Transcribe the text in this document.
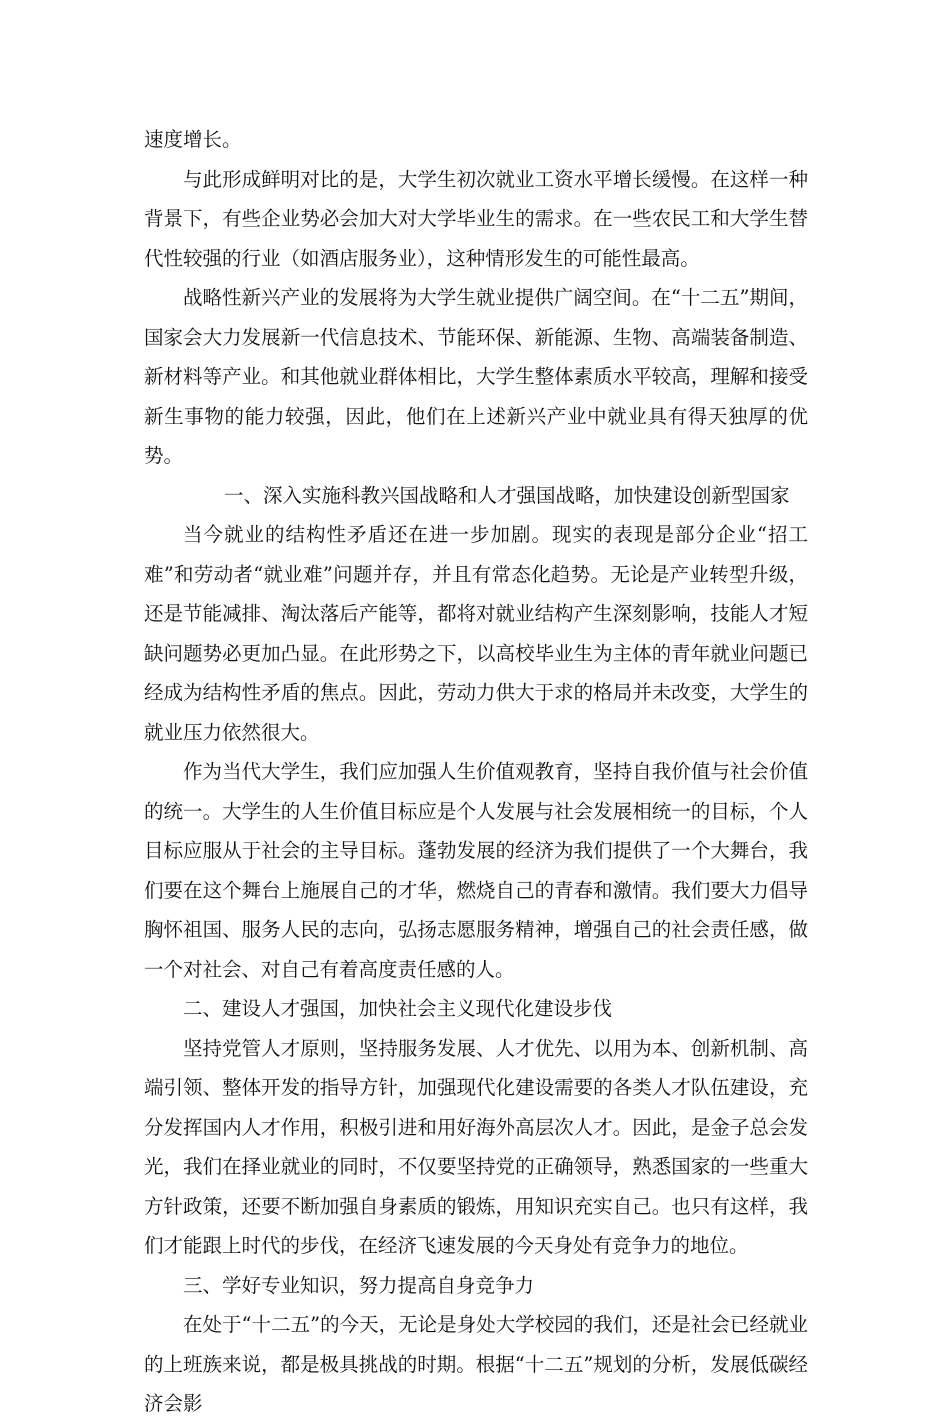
速度增长。

与此形成鲜明对比的是，大学生初次就业工资水平增长缓慢。在这样一种背景下，有些企业势必会加大对大学毕业生的需求。在一些农民工和大学生替代性较强的行业（如酒店服务业），这种情形发生的可能性最高。

战略性新兴产业的发展将为大学生就业提供广阔空间。在“十二五”期间，国家会大力发展新一代信息技术、节能环保、新能源、生物、高端装备制造、新材料等产业。和其他就业群体相比，大学生整体素质水平较高，理解和接受新生事物的能力较强，因此，他们在上述新兴产业中就业具有得天独厚的优势。

一、深入实施科教兴国战略和人才强国战略，加快建设创新型国家

当今就业的结构性矛盾还在进一步加剧。现实的表现是部分企业“招工难”和劳动者“就业难”问题并存，并且有常态化趋势。无论是产业转型升级，还是节能减排、淘汰落后产能等，都将对就业结构产生深刻影响，技能人才短缺问题势必更加凸显。在此形势之下，以高校毕业生为主体的青年就业问题已经成为结构性矛盾的焦点。因此，劳动力供大于求的格局并未改变，大学生的就业压力依然很大。

作为当代大学生，我们应加强人生价值观教育，坚持自我价值与社会价值的统一。大学生的人生价值目标应是个人发展与社会发展相统一的目标，个人目标应服从于社会的主导目标。蓬勃发展的经济为我们提供了一个大舞台，我们要在这个舞台上施展自己的才华，燃烧自己的青春和激情。我们要大力倡导胸怀祖国、服务人民的志向，弘扬志愿服务精神，增强自己的社会责任感，做一个对社会、对自己有着高度责任感的人。

二、建设人才强国，加快社会主义现代化建设步伐

坚持党管人才原则，坚持服务发展、人才优先、以用为本、创新机制、高端引领、整体开发的指导方针，加强现代化建设需要的各类人才队伍建设，充分发挥国内人才作用，积极引进和用好海外高层次人才。因此，是金子总会发光，我们在择业就业的同时，不仅要坚持党的正确领导，熟悉国家的一些重大方针政策，还要不断加强自身素质的锻炼，用知识充实自己。也只有这样，我们才能跟上时代的步伐，在经济飞速发展的今天身处有竞争力的地位。

三、学好专业知识，努力提高自身竞争力

在处于“十二五”的今天，无论是身处大学校园的我们，还是社会已经就业的上班族来说，都是极具挑战的时期。根据“十二五”规划的分析，发展低碳经济会影
